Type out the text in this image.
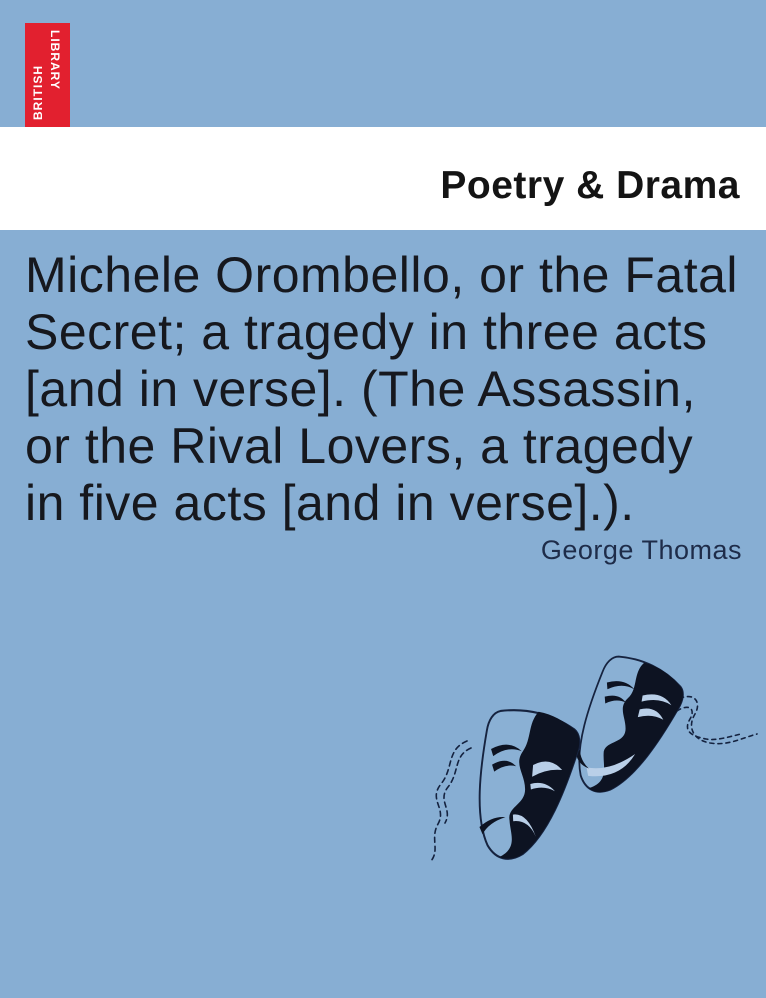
BRITISH
LIBRARY
Poetry & Drama
Michele Orombello, or the Fatal
Secret; a tragedy in three acts
[and in verse]. (The Assassin,
or the Rival Lovers, a tragedy
in five acts [and in verse].).
George Thomas
